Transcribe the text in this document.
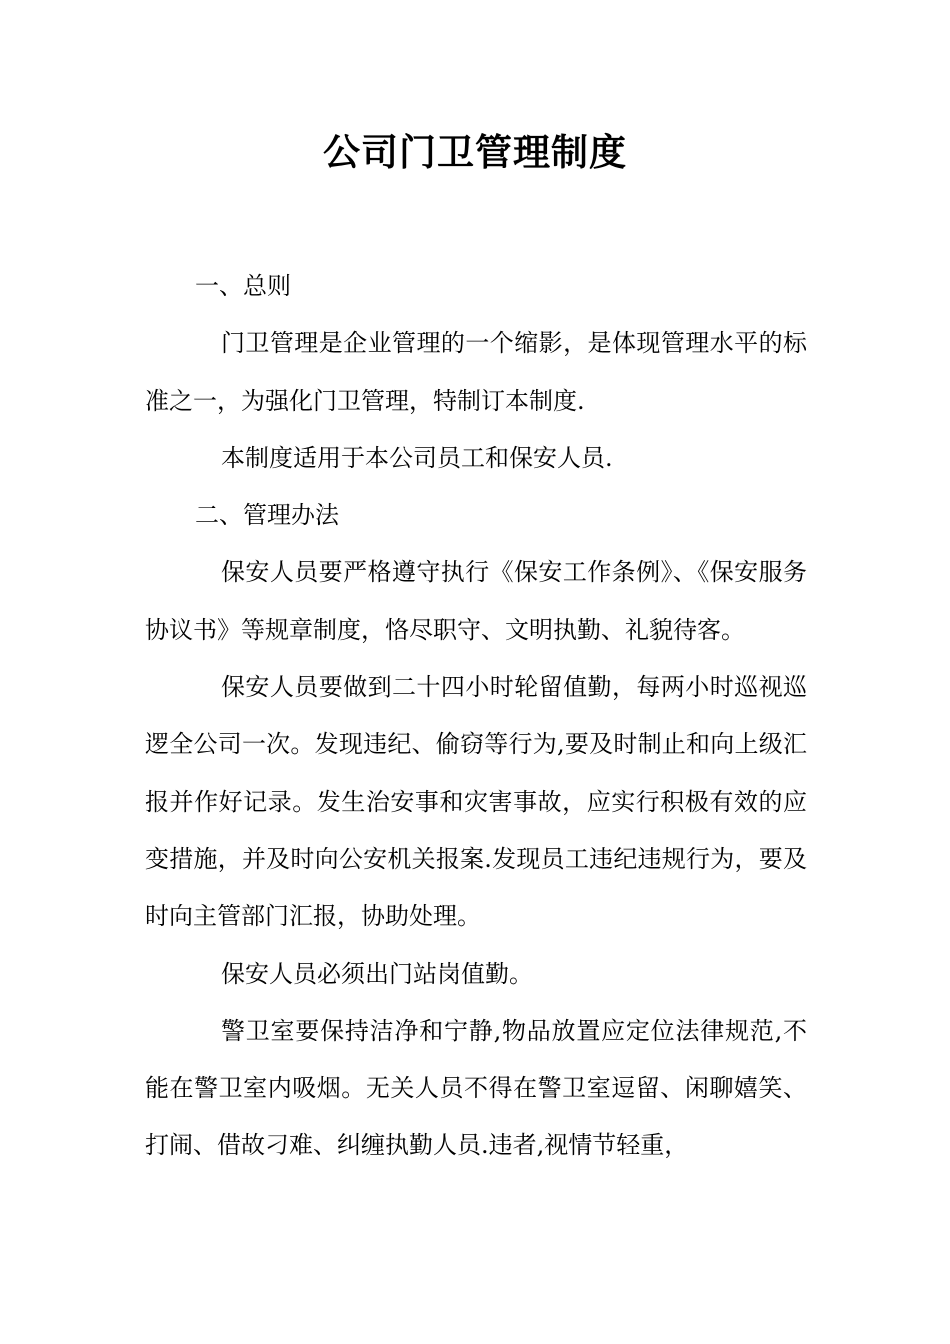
公司门卫管理制度

一、总则

门卫管理是企业管理的一个缩影，是体现管理水平的标准之一，为强化门卫管理，特制订本制度.

本制度适用于本公司员工和保安人员.

二、管理办法

保安人员要严格遵守执行《保安工作条例》、《保安服务协议书》等规章制度，恪尽职守、文明执勤、礼貌待客。

保安人员要做到二十四小时轮留值勤，每两小时巡视巡逻全公司一次。发现违纪、偷窃等行为,要及时制止和向上级汇报并作好记录。发生治安事和灾害事故，应实行积极有效的应变措施，并及时向公安机关报案.发现员工违纪违规行为，要及时向主管部门汇报，协助处理。

保安人员必须出门站岗值勤。

警卫室要保持洁净和宁静,物品放置应定位法律规范,不能在警卫室内吸烟。无关人员不得在警卫室逗留、闲聊嬉笑、打闹、借故刁难、纠缠执勤人员.违者,视情节轻重，
